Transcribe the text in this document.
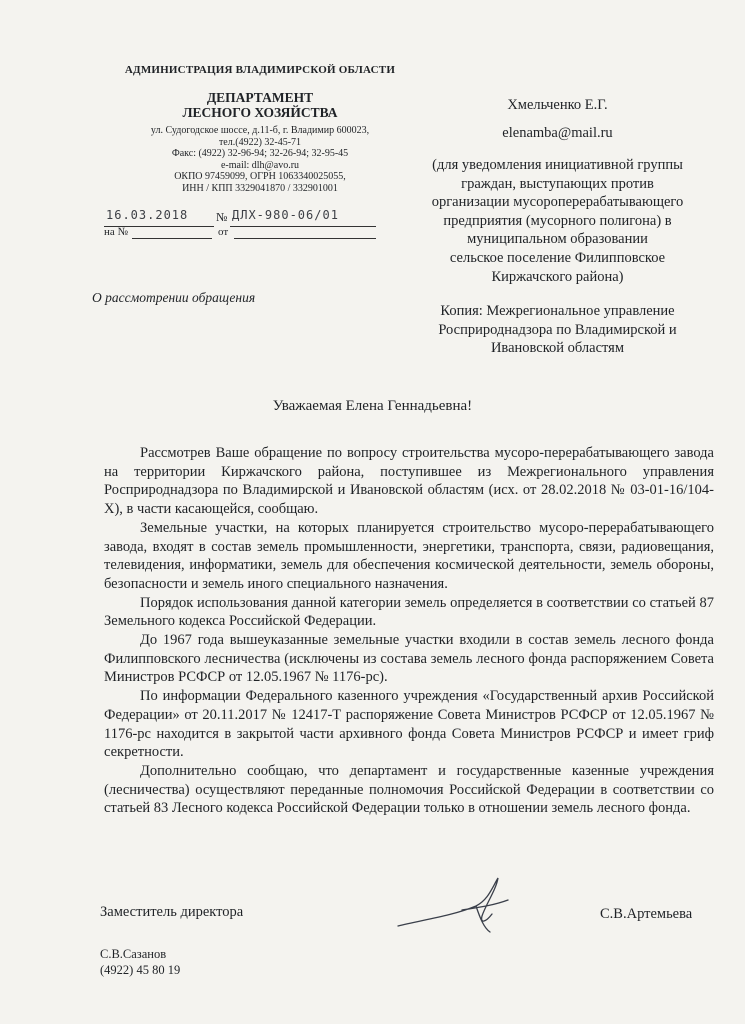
АДМИНИСТРАЦИЯ ВЛАДИМИРСКОЙ ОБЛАСТИ
ДЕПАРТАМЕНТ
ЛЕСНОГО ХОЗЯЙСТВА
ул. Судогодское шоссе, д.11-б, г. Владимир 600023,
тел.(4922) 32-45-71
Факс: (4922) 32-96-94; 32-26-94; 32-95-45
e-mail: dlh@avo.ru
ОКПО 97459099, ОГРН 1063340025055,
ИНН / КПП 3329041870 / 332901001
16.03.2018 № ДЛХ-980-06/01
на №	от
О рассмотрении обращения
Хмельченко Е.Г.
elenamba@mail.ru
(для уведомления инициативной группы
граждан, выступающих против
организации мусороперерабатывающего
предприятия (мусорного полигона) в
муниципальном образовании
сельское поселение Филипповское
Киржачского района)
Копия: Межрегиональное управление
Росприроднадзора по Владимирской и
Ивановской областям
Уважаемая Елена Геннадьевна!

Рассмотрев Ваше обращение по вопросу строительства мусоро-перерабатывающего завода на территории Киржачского района, поступившее из Межрегионального управления Росприроднадзора по Владимирской и Ивановской областям (исх. от 28.02.2018 № 03-01-16/104-Х), в части касающейся, сообщаю.

Земельные участки, на которых планируется строительство мусоро-перерабатывающего завода, входят в состав земель промышленности, энергетики, транспорта, связи, радиовещания, телевидения, информатики, земель для обеспечения космической деятельности, земель обороны, безопасности и земель иного специального назначения.

Порядок использования данной категории земель определяется в соответствии со статьей 87 Земельного кодекса Российской Федерации.

До 1967 года вышеуказанные земельные участки входили в состав земель лесного фонда Филипповского лесничества (исключены из состава земель лесного фонда распоряжением Совета Министров РСФСР от 12.05.1967 № 1176-рс).

По информации Федерального казенного учреждения «Государственный архив Российской Федерации» от 20.11.2017 № 12417-Т распоряжение Совета Министров РСФСР от 12.05.1967 № 1176-рс находится в закрытой части архивного фонда Совета Министров РСФСР и имеет гриф секретности.

Дополнительно сообщаю, что департамент и государственные казенные учреждения (лесничества) осуществляют переданные полномочия Российской Федерации в соответствии со статьей 83 Лесного кодекса Российской Федерации только в отношении земель лесного фонда.

Заместитель директора	С.В.Артемьева
С.В.Сазанов
(4922) 45 80 19
